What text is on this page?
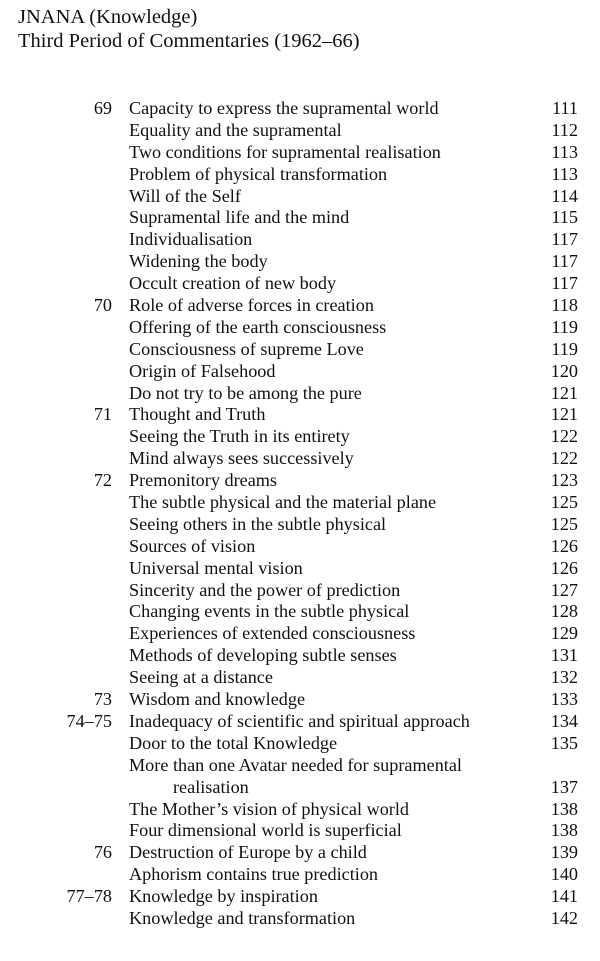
JNANA (Knowledge)
Third Period of Commentaries (1962–66)
69 Capacity to express the supramental world	111
Equality and the supramental	112
Two conditions for supramental realisation	113
Problem of physical transformation	113
Will of the Self	114
Supramental life and the mind	115
Individualisation	117
Widening the body	117
Occult creation of new body	117
70 Role of adverse forces in creation	118
Offering of the earth consciousness	119
Consciousness of supreme Love	119
Origin of Falsehood	120
Do not try to be among the pure	121
71 Thought and Truth	121
Seeing the Truth in its entirety	122
Mind always sees successively	122
72 Premonitory dreams	123
The subtle physical and the material plane	125
Seeing others in the subtle physical	125
Sources of vision	126
Universal mental vision	126
Sincerity and the power of prediction	127
Changing events in the subtle physical	128
Experiences of extended consciousness	129
Methods of developing subtle senses	131
Seeing at a distance	132
73 Wisdom and knowledge	133
74–75 Inadequacy of scientific and spiritual approach	134
Door to the total Knowledge	135
More than one Avatar needed for supramental
realisation	137
The Mother’s vision of physical world	138
Four dimensional world is superficial	138
76 Destruction of Europe by a child	139
Aphorism contains true prediction	140
77–78 Knowledge by inspiration	141
Knowledge and transformation	142
